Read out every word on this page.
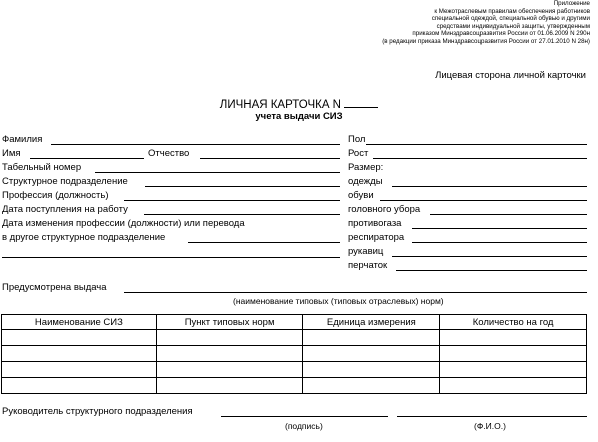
Приложение
к Межотраслевым правилам обеспечения работников
специальной одеждой, специальной обувью и другими
средствами индивидуальной защиты, утвержденным
приказом Минздравсоцразвития России от 01.06.2009 N 290н
(в редакции приказа Минздравсоцразвития России от 27.01.2010 N 28н)
Лицевая сторона личной карточки
ЛИЧНАЯ КАРТОЧКА N
учета выдачи СИЗ
Фамилия
Имя	Отчество
Табельный номер
Структурное подразделение
Профессия (должность)
Дата поступления на работу
Дата изменения профессии (должности) или перевода
в другое структурное подразделение
Пол
Рост
Размер:
одежды
обуви
головного убора
противогаза
респиратора
рукавиц
перчаток
Предусмотрена выдача
(наименование типовых (типовых отраслевых) норм)
Наименование СИЗ	Пункт типовых норм	Единица измерения	Количество на год

Руководитель структурного подразделения
(подпись)	(Ф.И.О.)
